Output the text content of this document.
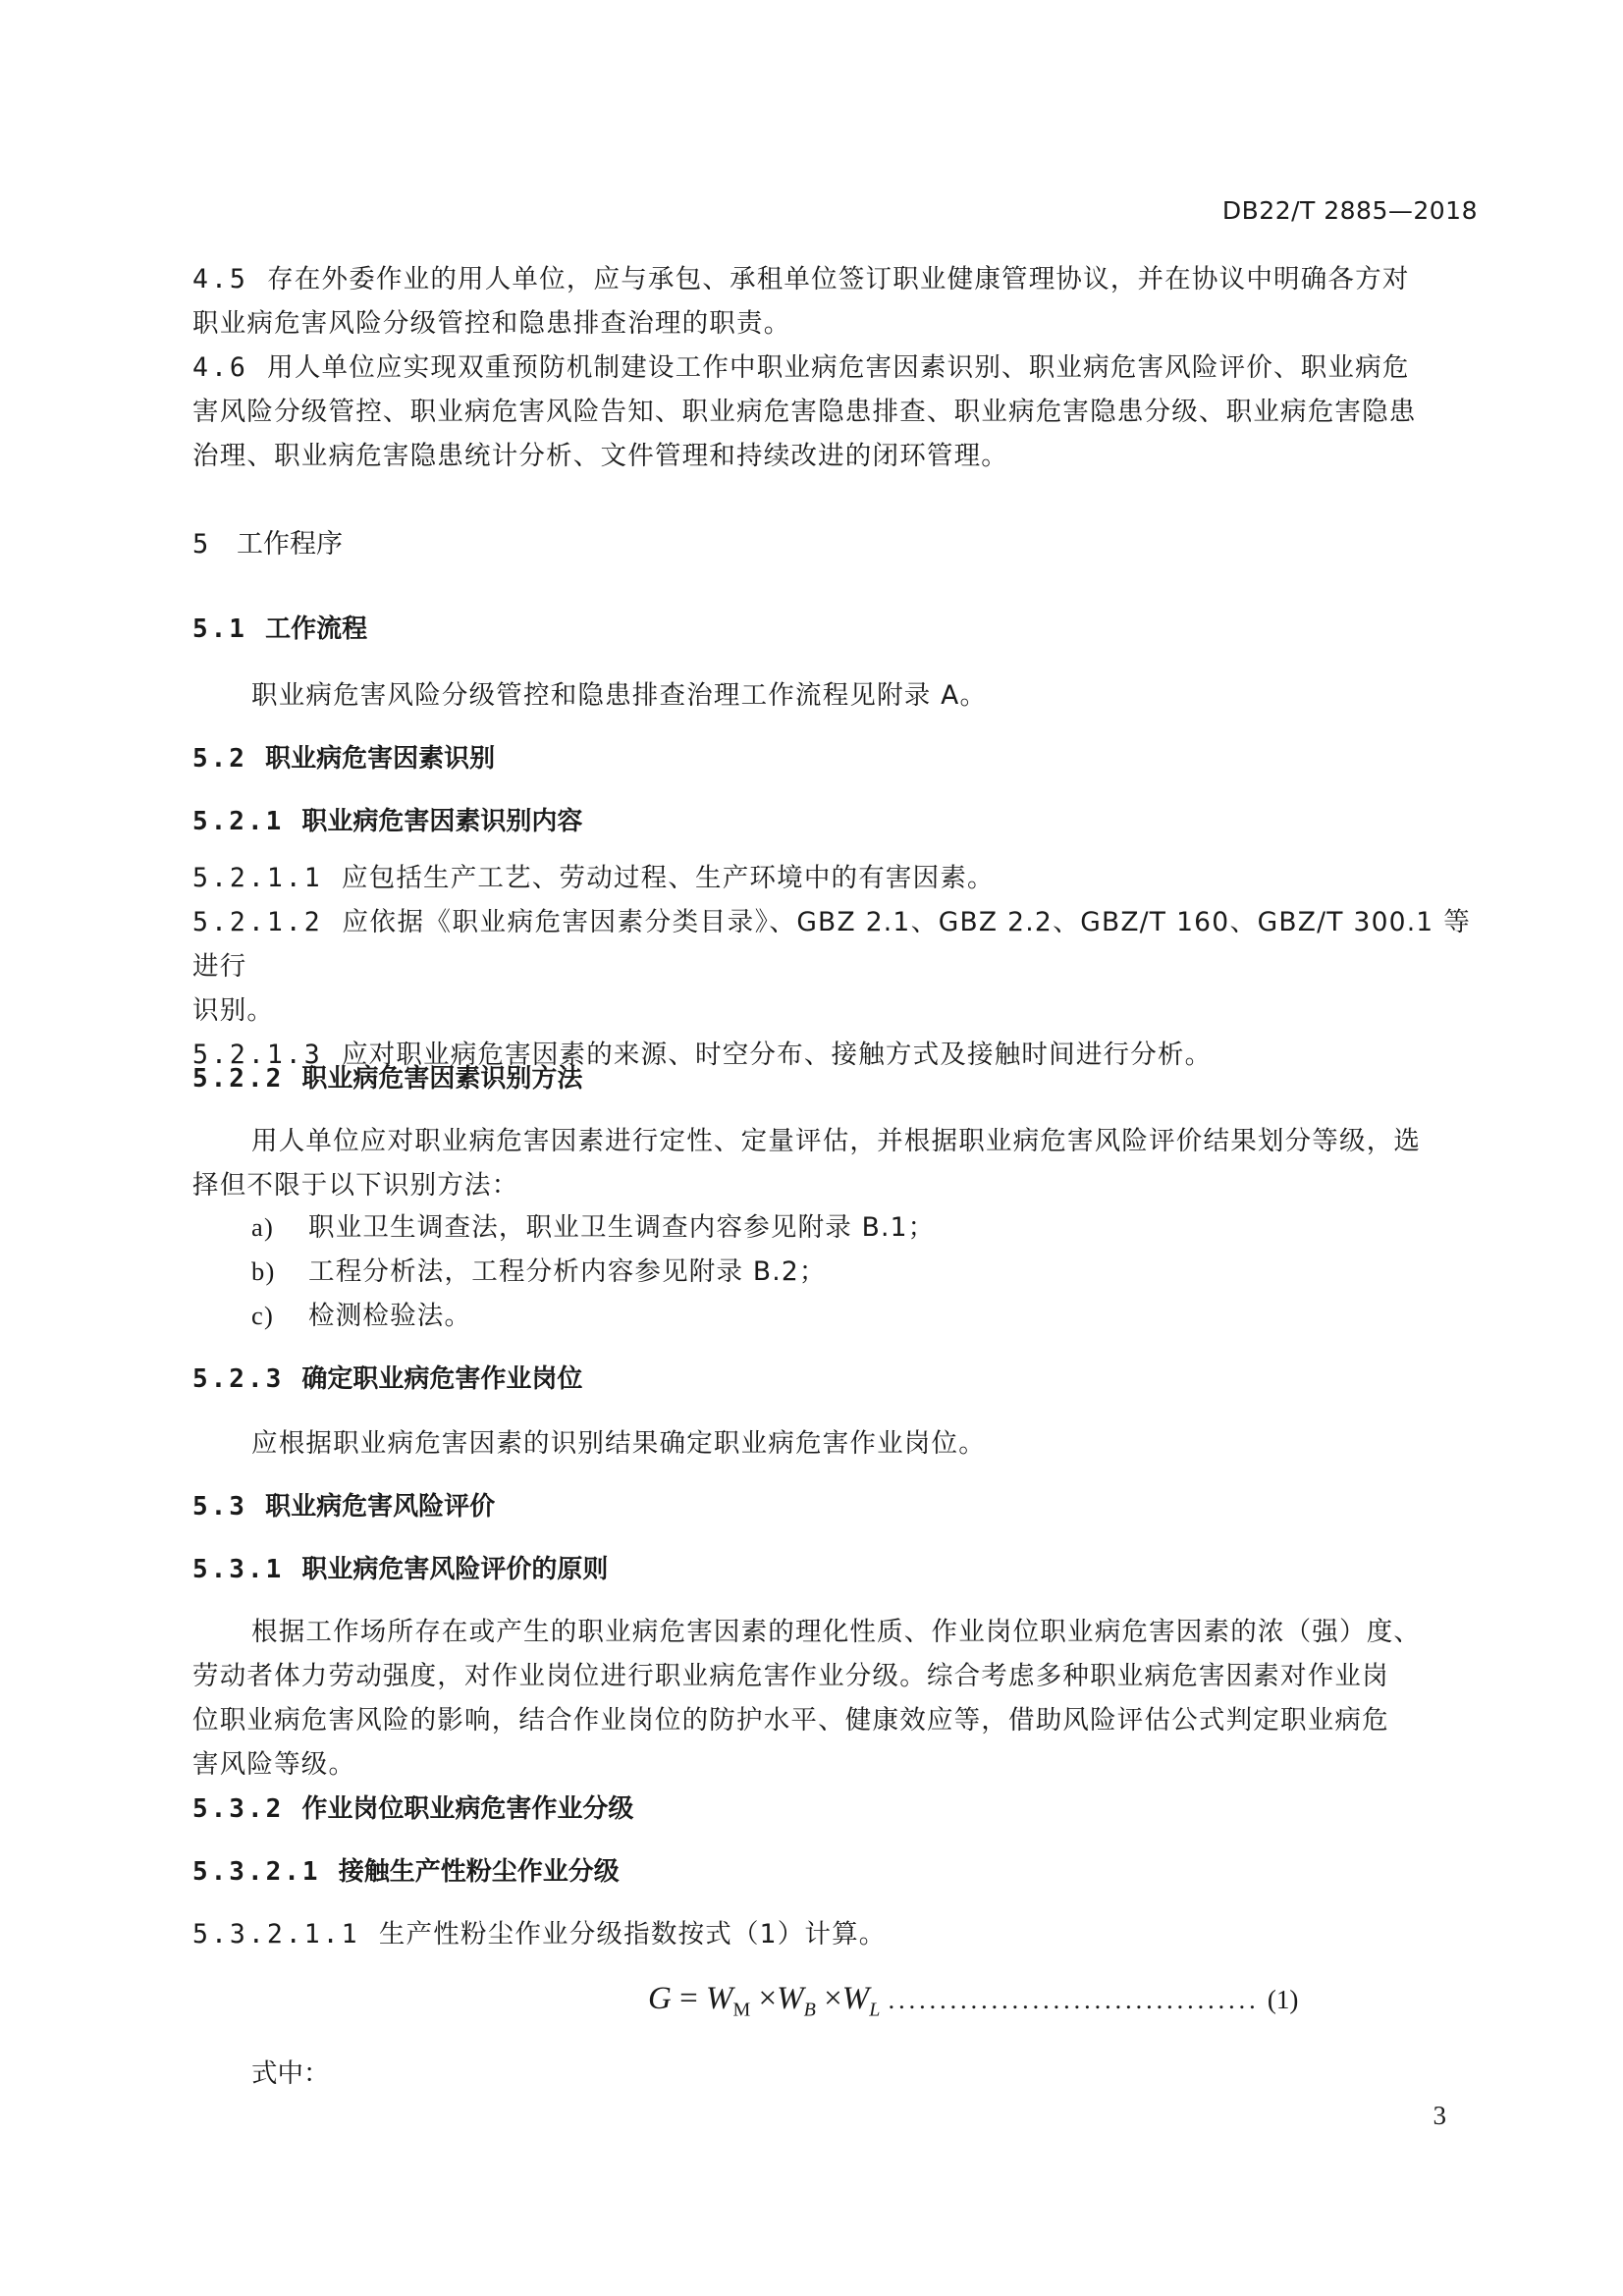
DB22/T 2885—2018
4.5 存在外委作业的用人单位，应与承包、承租单位签订职业健康管理协议，并在协议中明确各方对
职业病危害风险分级管控和隐患排查治理的职责。
4.6 用人单位应实现双重预防机制建设工作中职业病危害因素识别、职业病危害风险评价、职业病危
害风险分级管控、职业病危害风险告知、职业病危害隐患排查、职业病危害隐患分级、职业病危害隐患
治理、职业病危害隐患统计分析、文件管理和持续改进的闭环管理。
5 工作程序
5.1 工作流程
职业病危害风险分级管控和隐患排查治理工作流程见附录 A。
5.2 职业病危害因素识别
5.2.1 职业病危害因素识别内容
5.2.1.1 应包括生产工艺、劳动过程、生产环境中的有害因素。
5.2.1.2 应依据《职业病危害因素分类目录》、GBZ 2.1、GBZ 2.2、GBZ/T 160、GBZ/T 300.1 等进行
识别。
5.2.1.3 应对职业病危害因素的来源、时空分布、接触方式及接触时间进行分析。
5.2.2 职业病危害因素识别方法
用人单位应对职业病危害因素进行定性、定量评估，并根据职业病危害风险评价结果划分等级，选
择但不限于以下识别方法：
a) 职业卫生调查法，职业卫生调查内容参见附录 B.1；
b) 工程分析法，工程分析内容参见附录 B.2；
c) 检测检验法。
5.2.3 确定职业病危害作业岗位
应根据职业病危害因素的识别结果确定职业病危害作业岗位。
5.3 职业病危害风险评价
5.3.1 职业病危害风险评价的原则
根据工作场所存在或产生的职业病危害因素的理化性质、作业岗位职业病危害因素的浓（强）度、
劳动者体力劳动强度，对作业岗位进行职业病危害作业分级。综合考虑多种职业病危害因素对作业岗
位职业病危害风险的影响，结合作业岗位的防护水平、健康效应等，借助风险评估公式判定职业病危
害风险等级。
5.3.2 作业岗位职业病危害作业分级
5.3.2.1 接触生产性粉尘作业分级
5.3.2.1.1 生产性粉尘作业分级指数按式（1）计算。
$G = W_M \times W_B \times W_L$ .................................... (1)
式中：
3
